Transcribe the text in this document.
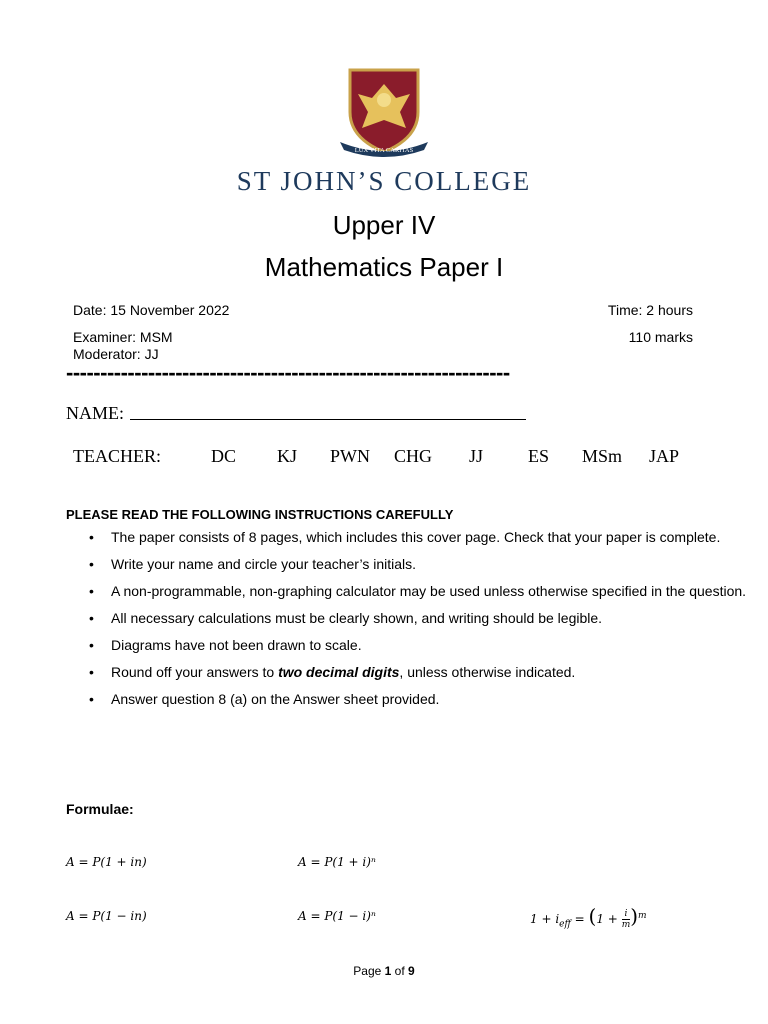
LUX VITA CARITAS
ST JOHN’S COLLEGE
Upper IV
Mathematics Paper I
Date: 15 November 2022	Time: 2 hours
Examiner: MSM	110 marks
Moderator: JJ
-----------------------------------------------------------------
NAME:
TEACHER:	DC KJ PWN CHG JJ ES MSm JAP
PLEASE READ THE FOLLOWING INSTRUCTIONS CAREFULLY
• The paper consists of 8 pages, which includes this cover page. Check that your paper is complete.
• Write your name and circle your teacher’s initials.
• A non-programmable, non-graphing calculator may be used unless otherwise specified in the question.
• All necessary calculations must be clearly shown, and writing should be legible.
• Diagrams have not been drawn to scale.
• Round off your answers to two decimal digits, unless otherwise indicated.
• Answer question 8 (a) on the Answer sheet provided.
Formulae:
A = P(1 + in)	A = P(1 + i)ⁿ
A = P(1 − in)	A = P(1 − i)ⁿ	$1 + i_{eff} = (1 + \frac{i}{m} )^m$
Page 1 of 9
